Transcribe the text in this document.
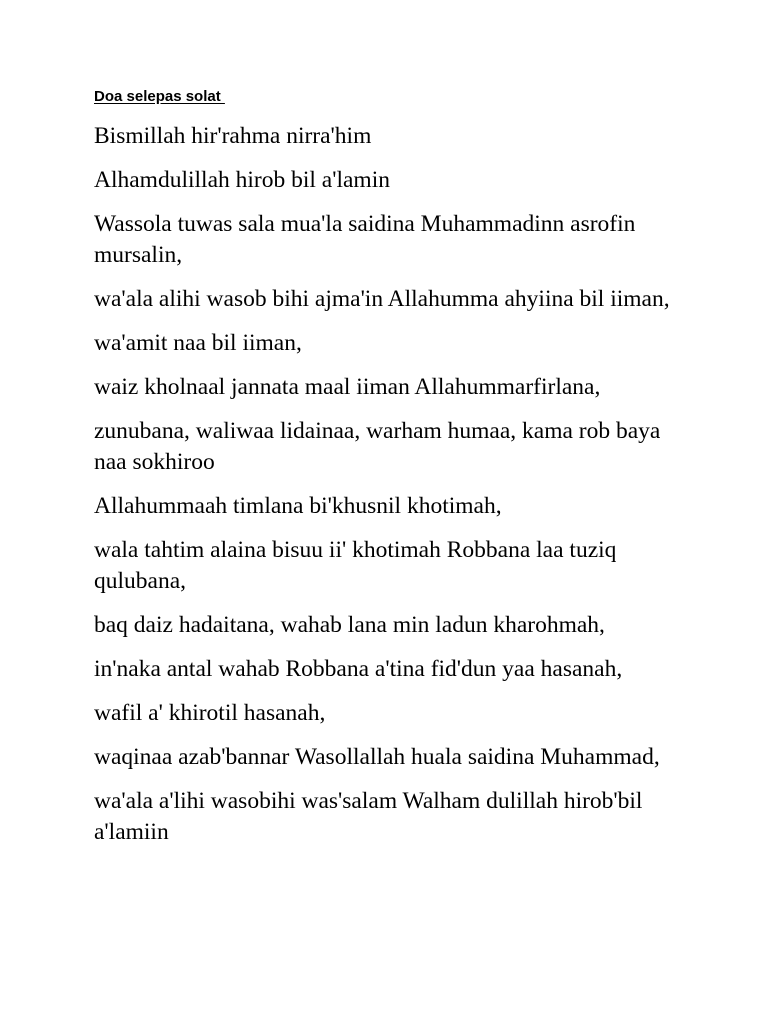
Doa selepas solat

Bismillah hir'rahma nirra'him

Alhamdulillah hirob bil a'lamin

Wassola tuwas sala mua'la saidina Muhammadinn asrofin mursalin,

wa'ala alihi wasob bihi ajma'in Allahumma ahyiina bil iiman,

wa'amit naa bil iiman,

waiz kholnaal jannata maal iiman Allahummarfirlana,

zunubana, waliwaa lidainaa, warham humaa, kama rob baya naa sokhiroo

Allahummaah timlana bi'khusnil khotimah,

wala tahtim alaina bisuu ii' khotimah Robbana laa tuziq qulubana,

baq daiz hadaitana, wahab lana min ladun kharohmah,

in'naka antal wahab Robbana a'tina fid'dun yaa hasanah,

wafil a' khirotil hasanah,

waqinaa azab'bannar Wasollallah huala saidina Muhammad,

wa'ala a'lihi wasobihi was'salam Walham dulillah hirob'bil a'lamiin
